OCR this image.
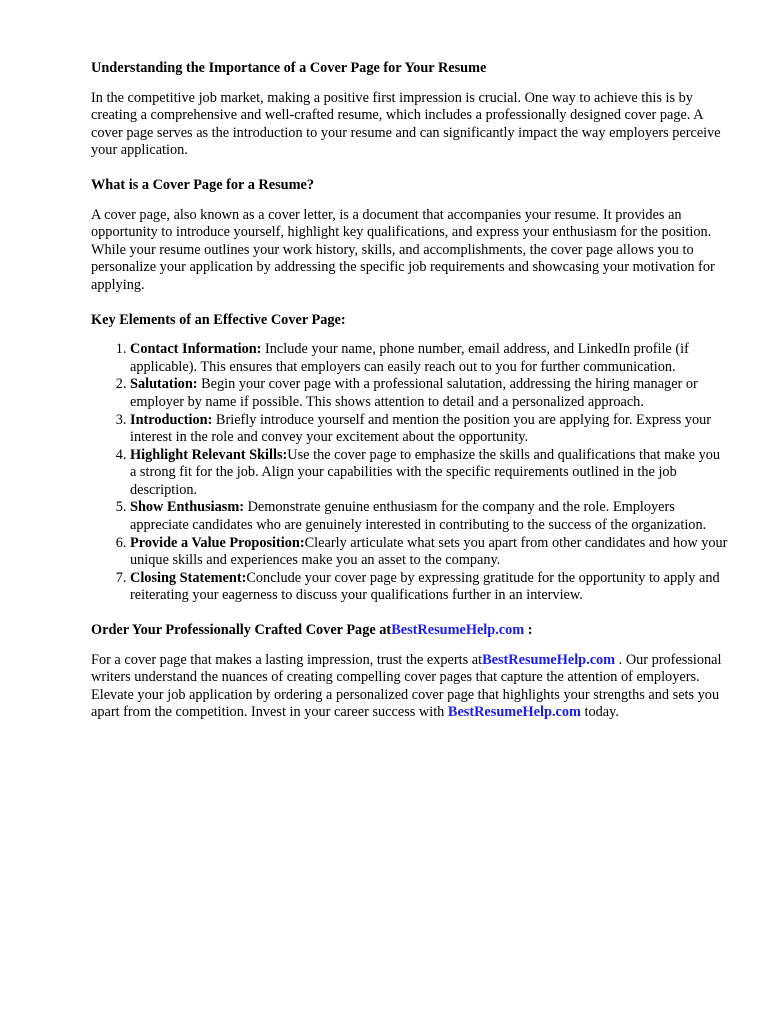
Understanding the Importance of a Cover Page for Your Resume

In the competitive job market, making a positive first impression is crucial. One way to achieve this is by creating a comprehensive and well-crafted resume, which includes a professionally designed cover page. A cover page serves as the introduction to your resume and can significantly impact the way employers perceive your application.

What is a Cover Page for a Resume?

A cover page, also known as a cover letter, is a document that accompanies your resume. It provides an opportunity to introduce yourself, highlight key qualifications, and express your enthusiasm for the position. While your resume outlines your work history, skills, and accomplishments, the cover page allows you to personalize your application by addressing the specific job requirements and showcasing your motivation for applying.

Key Elements of an Effective Cover Page:
1. Contact Information: Include your name, phone number, email address, and LinkedIn profile (if applicable). This ensures that employers can easily reach out to you for further communication.
2. Salutation: Begin your cover page with a professional salutation, addressing the hiring manager or employer by name if possible. This shows attention to detail and a personalized approach.
3. Introduction: Briefly introduce yourself and mention the position you are applying for. Express your interest in the role and convey your excitement about the opportunity.
4. Highlight Relevant Skills:Use the cover page to emphasize the skills and qualifications that make you a strong fit for the job. Align your capabilities with the specific requirements outlined in the job description.
5. Show Enthusiasm: Demonstrate genuine enthusiasm for the company and the role. Employers appreciate candidates who are genuinely interested in contributing to the success of the organization.
6. Provide a Value Proposition:Clearly articulate what sets you apart from other candidates and how your unique skills and experiences make you an asset to the company.
7. Closing Statement:Conclude your cover page by expressing gratitude for the opportunity to apply and reiterating your eagerness to discuss your qualifications further in an interview.
Order Your Professionally Crafted Cover Page atBestResumeHelp.com :

For a cover page that makes a lasting impression, trust the experts atBestResumeHelp.com . Our professional writers understand the nuances of creating compelling cover pages that capture the attention of employers. Elevate your job application by ordering a personalized cover page that highlights your strengths and sets you apart from the competition. Invest in your career success with BestResumeHelp.com today.
